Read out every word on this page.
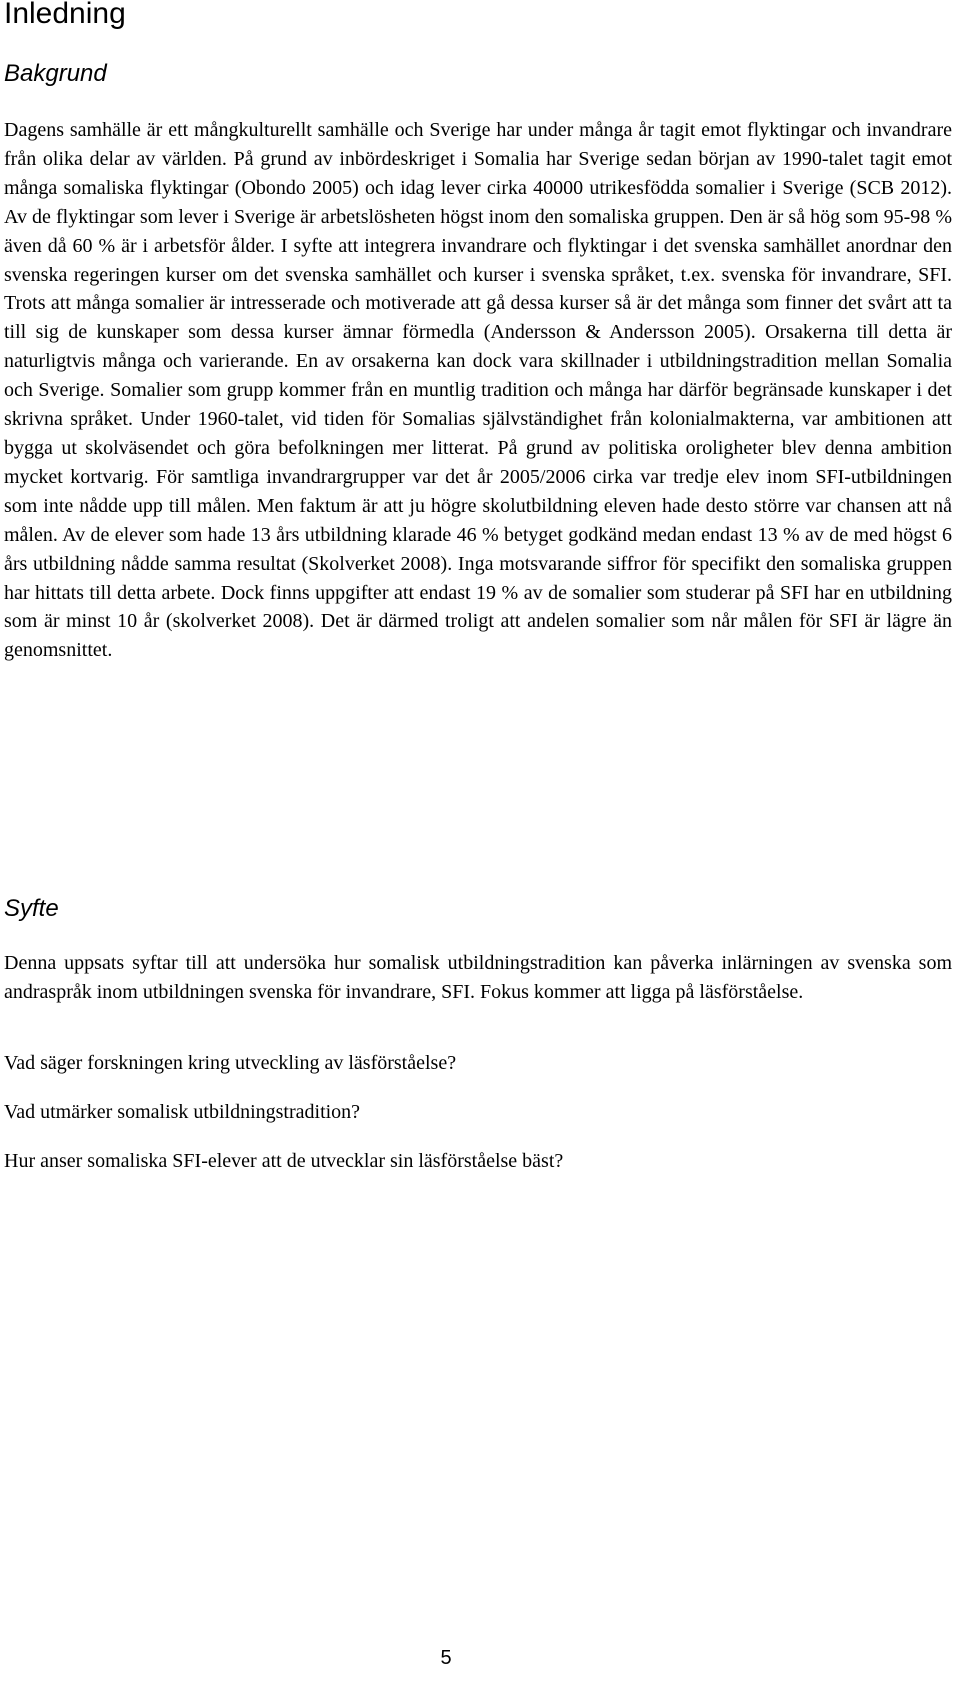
Inledning
Bakgrund

Dagens samhälle är ett mångkulturellt samhälle och Sverige har under många år tagit emot flyktingar och invandrare från olika delar av världen. På grund av inbördeskriget i Somalia har Sverige sedan början av 1990-talet tagit emot många somaliska flyktingar (Obondo 2005) och idag lever cirka 40000 utrikesfödda somalier i Sverige (SCB 2012). Av de flyktingar som lever i Sverige är arbetslösheten högst inom den somaliska gruppen. Den är så hög som 95-98 % även då 60 % är i arbetsför ålder. I syfte att integrera invandrare och flyktingar i det svenska samhället anordnar den svenska regeringen kurser om det svenska samhället och kurser i svenska språket, t.ex. svenska för invandrare, SFI. Trots att många somalier är intresserade och motiverade att gå dessa kurser så är det många som finner det svårt att ta till sig de kunskaper som dessa kurser ämnar förmedla (Andersson & Andersson 2005). Orsakerna till detta är naturligtvis många och varierande. En av orsakerna kan dock vara skillnader i utbildningstradition mellan Somalia och Sverige. Somalier som grupp kommer från en muntlig tradition och många har därför begränsade kunskaper i det skrivna språket. Under 1960-talet, vid tiden för Somalias självständighet från kolonialmakterna, var ambitionen att bygga ut skolväsendet och göra befolkningen mer litterat. På grund av politiska oroligheter blev denna ambition mycket kortvarig. För samtliga invandrargrupper var det år 2005/2006 cirka var tredje elev inom SFI-utbildningen som inte nådde upp till målen. Men faktum är att ju högre skolutbildning eleven hade desto större var chansen att nå målen. Av de elever som hade 13 års utbildning klarade 46 % betyget godkänd medan endast 13 % av de med högst 6 års utbildning nådde samma resultat (Skolverket 2008). Inga motsvarande siffror för specifikt den somaliska gruppen har hittats till detta arbete. Dock finns uppgifter att endast 19 % av de somalier som studerar på SFI har en utbildning som är minst 10 år (skolverket 2008). Det är därmed troligt att andelen somalier som når målen för SFI är lägre än genomsnittet.

Syfte

Denna uppsats syftar till att undersöka hur somalisk utbildningstradition kan påverka inlärningen av svenska som andraspråk inom utbildningen svenska för invandrare, SFI. Fokus kommer att ligga på läsförståelse.

Vad säger forskningen kring utveckling av läsförståelse?

Vad utmärker somalisk utbildningstradition?

Hur anser somaliska SFI-elever att de utvecklar sin läsförståelse bäst?

5
